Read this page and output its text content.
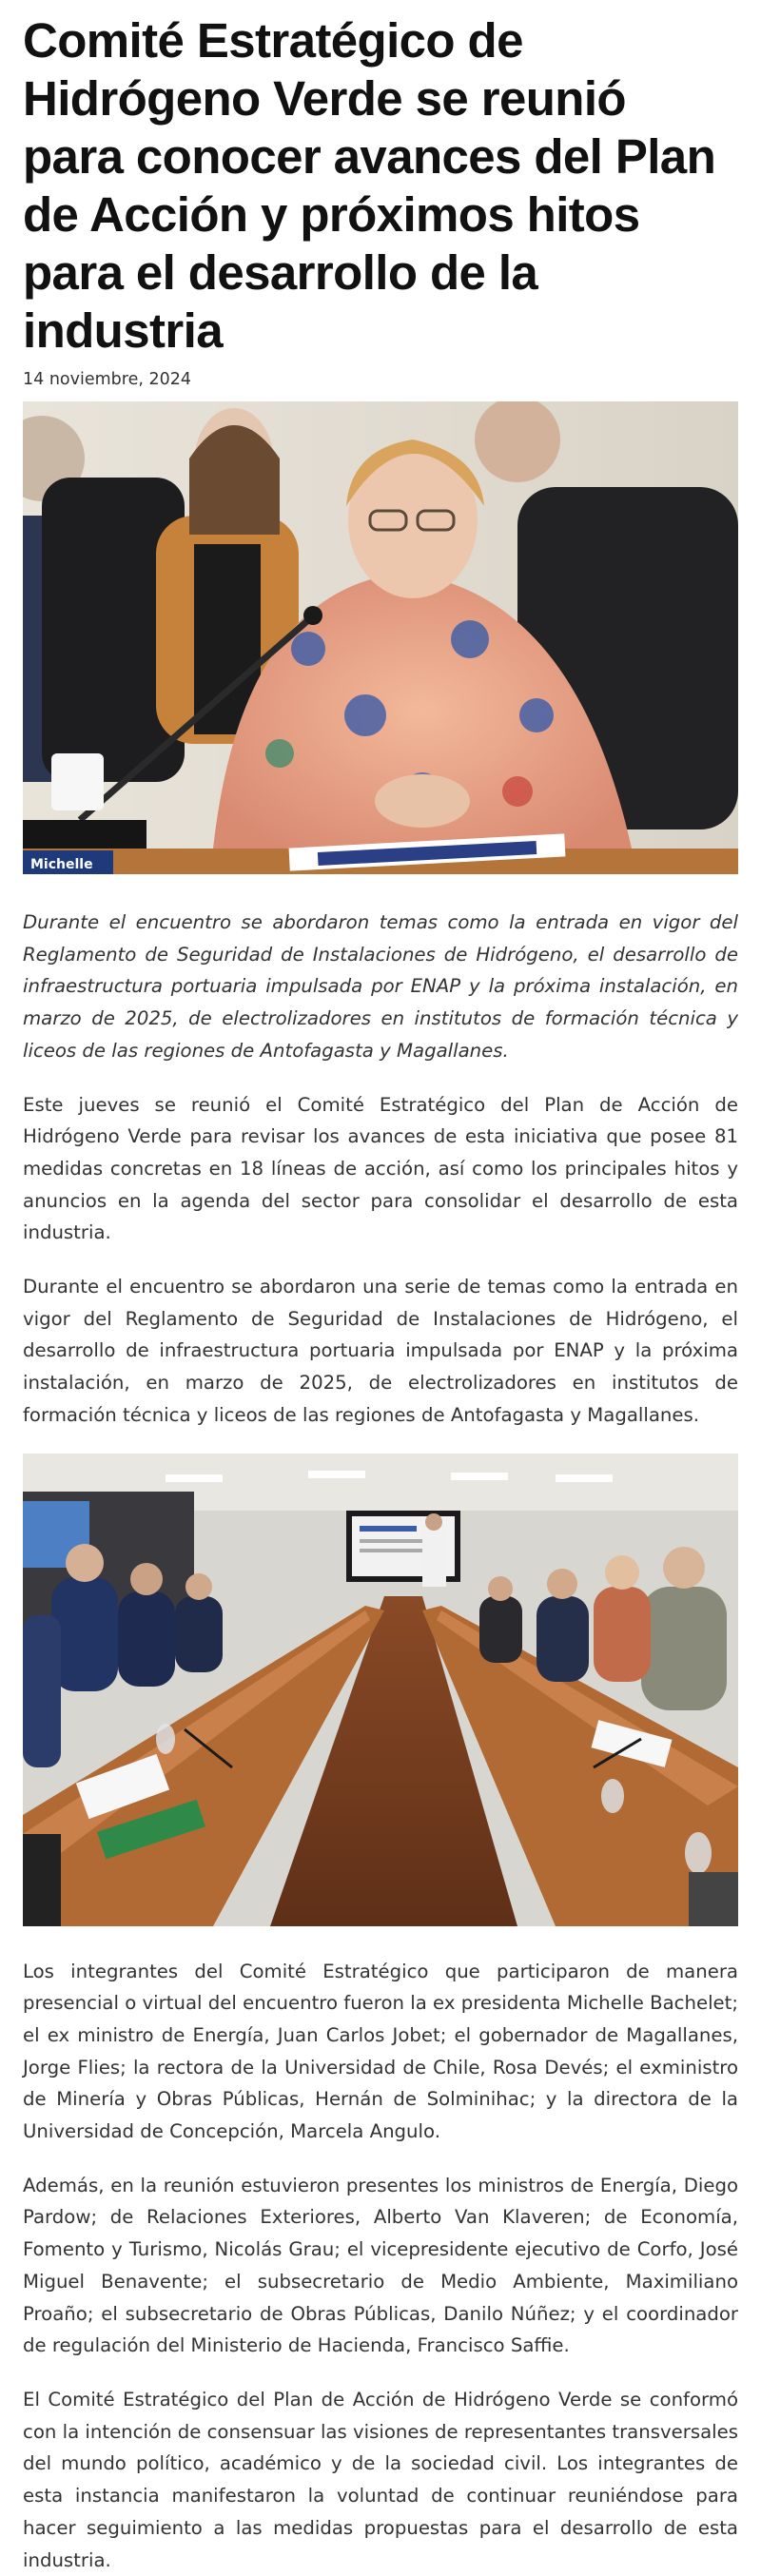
Comité Estratégico de Hidrógeno Verde se reunió para conocer avances del Plan de Acción y próximos hitos para el desarrollo de la industria
14 noviembre, 2024
Michelle

Durante el encuentro se abordaron temas como la entrada en vigor del Reglamento de Seguridad de Instalaciones de Hidrógeno, el desarrollo de infraestructura portuaria impulsada por ENAP y la próxima instalación, en marzo de 2025, de electrolizadores en institutos de formación técnica y liceos de las regiones de Antofagasta y Magallanes.

Este jueves se reunió el Comité Estratégico del Plan de Acción de Hidrógeno Verde para revisar los avances de esta iniciativa que posee 81 medidas concretas en 18 líneas de acción, así como los principales hitos y anuncios en la agenda del sector para consolidar el desarrollo de esta industria.

Durante el encuentro se abordaron una serie de temas como la entrada en vigor del Reglamento de Seguridad de Instalaciones de Hidrógeno, el desarrollo de infraestructura portuaria impulsada por ENAP y la próxima instalación, en marzo de 2025, de electrolizadores en institutos de formación técnica y liceos de las regiones de Antofagasta y Magallanes.

Los integrantes del Comité Estratégico que participaron de manera presencial o virtual del encuentro fueron la ex presidenta Michelle Bachelet; el ex ministro de Energía, Juan Carlos Jobet; el gobernador de Magallanes, Jorge Flies; la rectora de la Universidad de Chile, Rosa Devés; el exministro de Minería y Obras Públicas, Hernán de Solminihac; y la directora de la Universidad de Concepción, Marcela Angulo.

Además, en la reunión estuvieron presentes los ministros de Energía, Diego Pardow; de Relaciones Exteriores, Alberto Van Klaveren; de Economía, Fomento y Turismo, Nicolás Grau; el vicepresidente ejecutivo de Corfo, José Miguel Benavente; el subsecretario de Medio Ambiente, Maximiliano Proaño; el subsecretario de Obras Públicas, Danilo Núñez; y el coordinador de regulación del Ministerio de Hacienda, Francisco Saffie.

El Comité Estratégico del Plan de Acción de Hidrógeno Verde se conformó con la intención de consensuar las visiones de representantes transversales del mundo político, académico y de la sociedad civil. Los integrantes de esta instancia manifestaron la voluntad de continuar reuniéndose para hacer seguimiento a las medidas propuestas para el desarrollo de esta industria.
